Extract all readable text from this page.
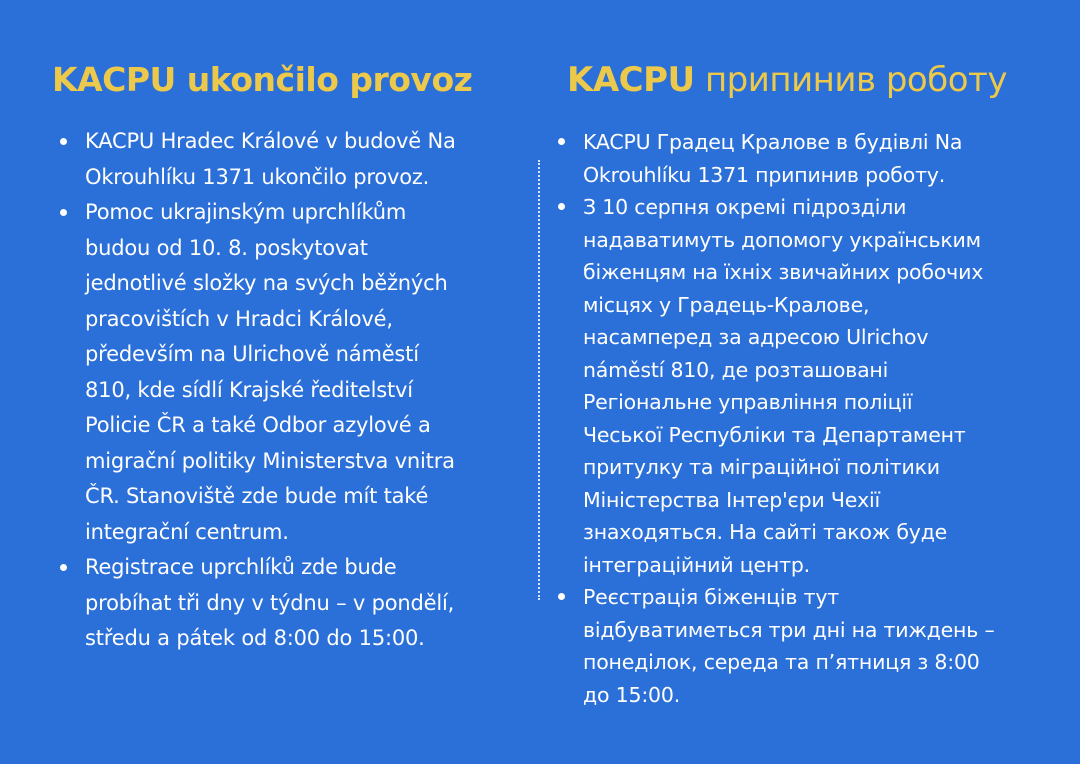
KACPU ukončilo provoz	KACPU припинив роботу
KACPU Hradec Králové v budově Na
Okrouhlíku 1371 ukončilo provoz.
Pomoc ukrajinským uprchlíkům
budou od 10. 8. poskytovat
jednotlivé složky na svých běžných
pracovištích v Hradci Králové,
především na Ulrichově náměstí
810, kde sídlí Krajské ředitelství
Policie ČR a také Odbor azylové a
migrační politiky Ministerstva vnitra
ČR. Stanoviště zde bude mít také
integrační centrum.
Registrace uprchlíků zde bude
probíhat tři dny v týdnu – v pondělí,
středu a pátek od 8:00 do 15:00.
KACPU Градец Кралове в будівлі Na
Okrouhlíku 1371 припинив роботу.
З 10 серпня окремі підрозділи
надаватимуть допомогу українським
біженцям на їхніх звичайних робочих
місцях у Градець-Кралове,
насамперед за адресою Ulrichov
náměstí 810, де розташовані
Регіональне управління поліції
Чеської Республіки та Департамент
притулку та міграційної політики
Міністерства Інтер'єри Чехії
знаходяться. На сайті також буде
інтеграційний центр.
Реєстрація біженців тут
відбуватиметься три дні на тиждень –
понеділок, середа та п’ятниця з 8:00
до 15:00.
